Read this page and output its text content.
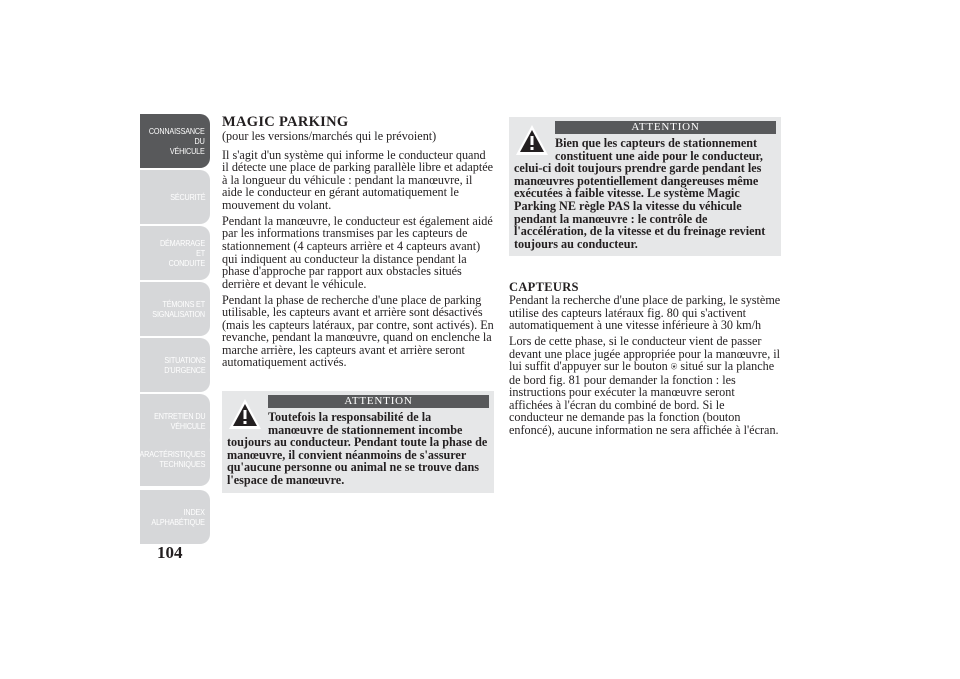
CONNAISSANCE DU
VÉHICULE
SÉCURITÉ
DÉMARRAGE ET
CONDUITE
TÉMOINS ET
SIGNALISATION
SITUATIONS
D'URGENCE
ENTRETIEN DU
VÉHICULE
CARACTÉRISTIQUES
TECHNIQUES
INDEX
ALPHABÉTIQUE
104
MAGIC PARKING

(pour les versions/marchés qui le prévoient)

Il s'agit d'un système qui informe le conducteur quand il détecte une place de parking parallèle libre et adaptée à la longueur du véhicule : pendant la manœuvre, il aide le conducteur en gérant automatiquement le mouvement du volant.

Pendant la manœuvre, le conducteur est également aidé par les informations transmises par les capteurs de stationnement (4 capteurs arrière et 4 capteurs avant) qui indiquent au conducteur la distance pendant la phase d'approche par rapport aux obstacles situés derrière et devant le véhicule.

Pendant la phase de recherche d'une place de parking utilisable, les capteurs avant et arrière sont désactivés (mais les capteurs latéraux, par contre, sont activés). En revanche, pendant la manœuvre, quand on enclenche la marche arrière, les capteurs avant et arrière seront automatiquement activés.

ATTENTION
Toutefois la responsabilité de la manœuvre de stationnement incombe toujours au conducteur. Pendant toute la phase de manœuvre, il convient néanmoins de s'assurer qu'aucune personne ou animal ne se trouve dans l'espace de manœuvre.
ATTENTION
Bien que les capteurs de stationnement constituent une aide pour le conducteur, celui-ci doit toujours prendre garde pendant les manœuvres potentiellement dangereuses même exécutées à faible vitesse. Le système Magic Parking NE règle PAS la vitesse du véhicule pendant la manœuvre : le contrôle de l'accélération, de la vitesse et du freinage revient toujours au conducteur.
CAPTEURS

Pendant la recherche d'une place de parking, le système utilise des capteurs latéraux fig. 80 qui s'activent automatiquement à une vitesse inférieure à 30 km/h

Lors de cette phase, si le conducteur vient de passer devant une place jugée appropriée pour la manœuvre, il lui suffit d'appuyer sur le bouton ⍟ situé sur la planche de bord fig. 81 pour demander la fonction : les instructions pour exécuter la manœuvre seront affichées à l'écran du combiné de bord. Si le conducteur ne demande pas la fonction (bouton enfoncé), aucune information ne sera affichée à l'écran.
